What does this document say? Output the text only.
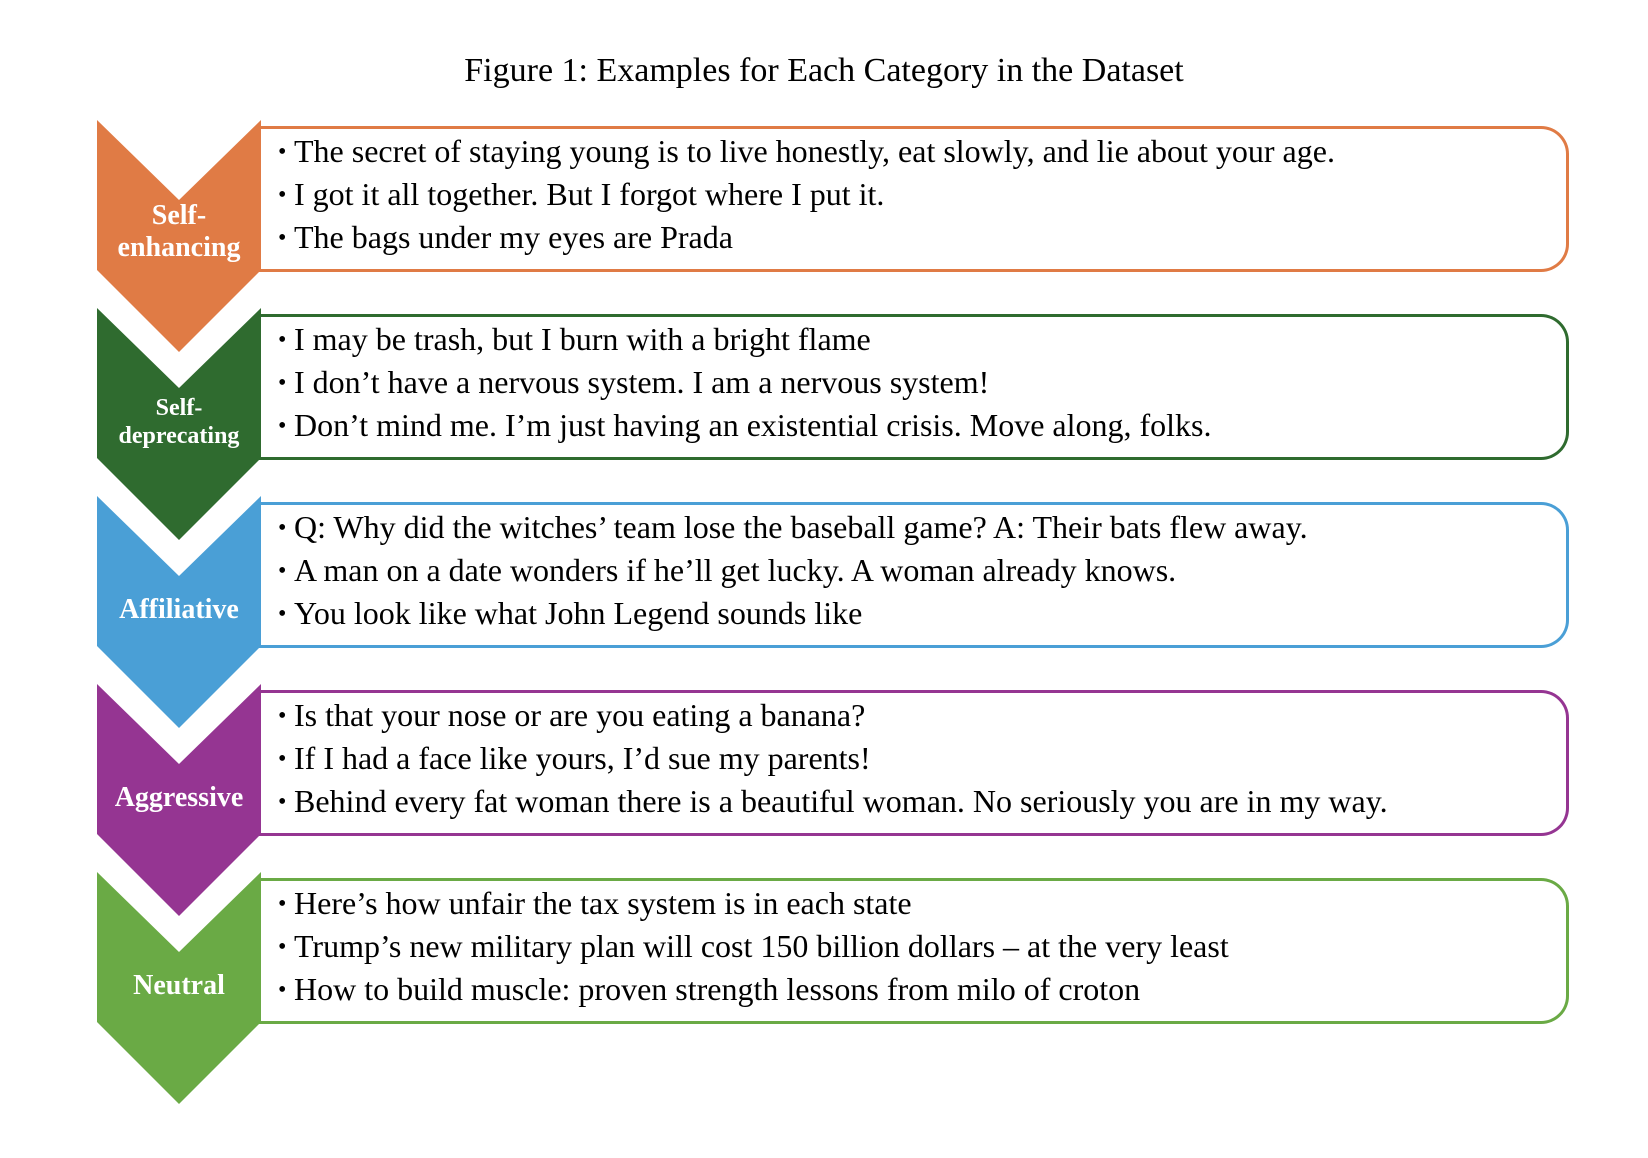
Figure 1: Examples for Each Category in the Dataset
Self-
enhancing
• The secret of staying young is to live honestly, eat slowly, and lie about your age.
• I got it all together. But I forgot where I put it.
• The bags under my eyes are Prada
Self-
deprecating
• I may be trash, but I burn with a bright flame
• I don’t have a nervous system. I am a nervous system!
• Don’t mind me. I’m just having an existential crisis. Move along, folks.
Affiliative
• Q: Why did the witches’ team lose the baseball game? A: Their bats flew away.
• A man on a date wonders if he’ll get lucky. A woman already knows.
• You look like what John Legend sounds like
Aggressive
• Is that your nose or are you eating a banana?
• If I had a face like yours, I’d sue my parents!
• Behind every fat woman there is a beautiful woman. No seriously you are in my way.
Neutral
• Here’s how unfair the tax system is in each state
• Trump’s new military plan will cost 150 billion dollars – at the very least
• How to build muscle: proven strength lessons from milo of croton
